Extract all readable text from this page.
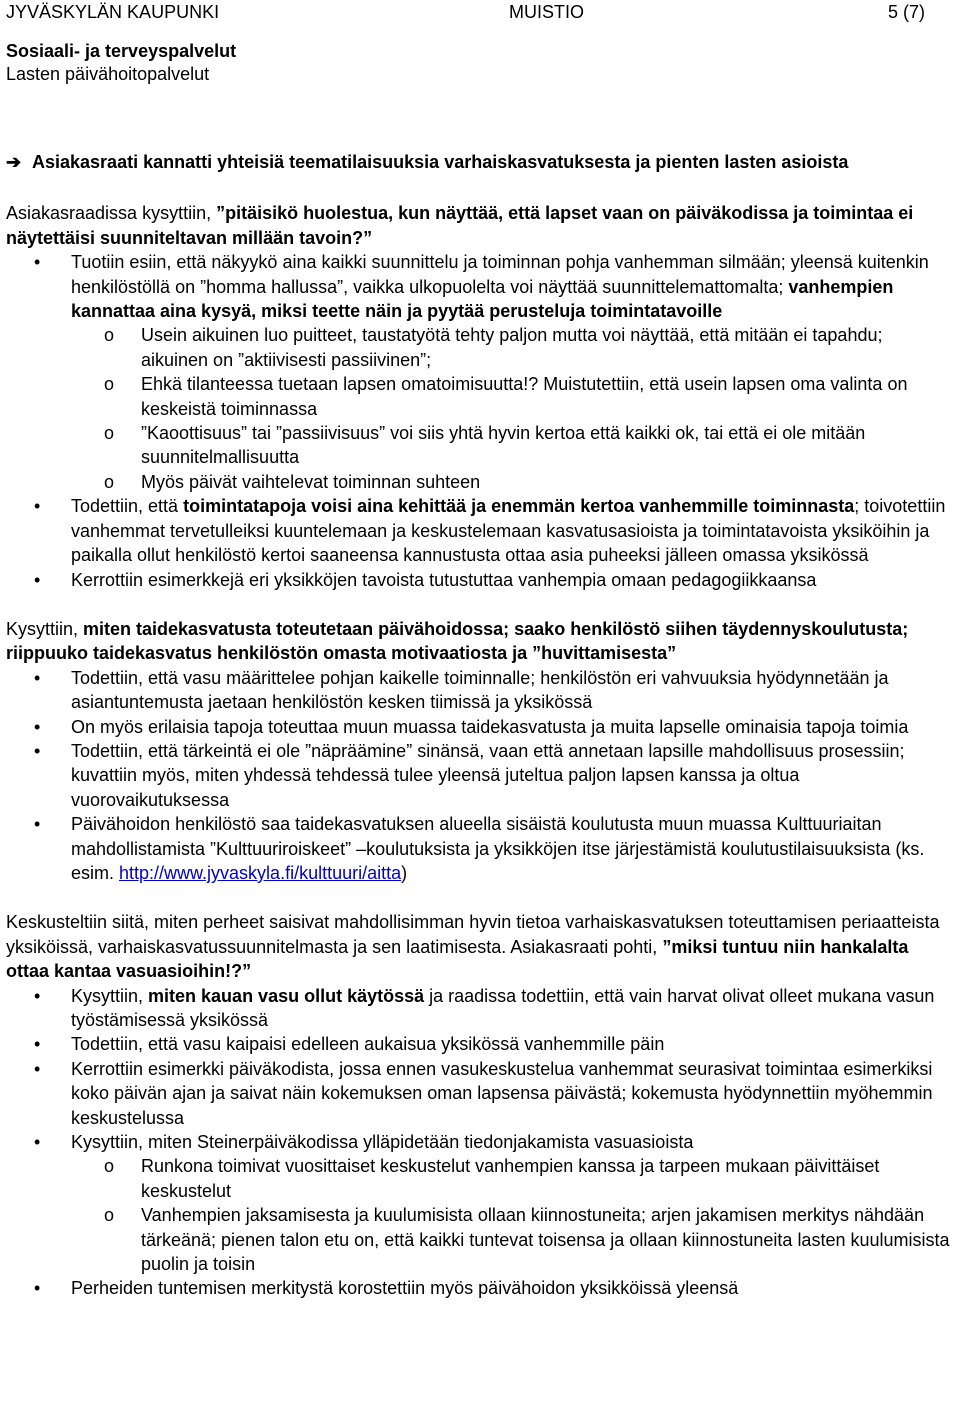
JYVÄSKYLÄN KAUPUNKI	MUISTIO	5 (7)
Sosiaali- ja terveyspalvelut
Lasten päivähoitopalvelut

➔ Asiakasraati kannatti yhteisiä teematilaisuuksia varhaiskasvatuksesta ja pienten lasten asioista

Asiakasraadissa kysyttiin, ”pitäisikö huolestua, kun näyttää, että lapset vaan on päiväkodissa ja toimintaa ei näytettäisi suunniteltavan millään tavoin?”

•	Tuotiin esiin, että näkyykö aina kaikki suunnittelu ja toiminnan pohja vanhemman silmään; yleensä kuitenkin henkilöstöllä on ”homma hallussa”, vaikka ulkopuolelta voi näyttää suunnittelemattomalta; vanhempien kannattaa aina kysyä, miksi teette näin ja pyytää perusteluja toimintatavoille
o Usein aikuinen luo puitteet, taustatyötä tehty paljon mutta voi näyttää, että mitään ei tapahdu; aikuinen on ”aktiivisesti passiivinen”;
o Ehkä tilanteessa tuetaan lapsen omatoimisuutta!? Muistutettiin, että usein lapsen oma valinta on keskeistä toiminnassa
o ”Kaoottisuus” tai ”passiivisuus” voi siis yhtä hyvin kertoa että kaikki ok, tai että ei ole mitään suunnitelmallisuutta
o Myös päivät vaihtelevat toiminnan suhteen
•	Todettiin, että toimintatapoja voisi aina kehittää ja enemmän kertoa vanhemmille toiminnasta; toivotettiin vanhemmat tervetulleiksi kuuntelemaan ja keskustelemaan kasvatusasioista ja toimintatavoista yksiköihin ja paikalla ollut henkilöstö kertoi saaneensa kannustusta ottaa asia puheeksi jälleen omassa yksikössä
•	Kerrottiin esimerkkejä eri yksikköjen tavoista tutustuttaa vanhempia omaan pedagogiikkaansa

Kysyttiin, miten taidekasvatusta toteutetaan päivähoidossa; saako henkilöstö siihen täydennyskoulutusta; riippuuko taidekasvatus henkilöstön omasta motivaatiosta ja ”huvittamisesta”

•	Todettiin, että vasu määrittelee pohjan kaikelle toiminnalle; henkilöstön eri vahvuuksia hyödynnetään ja asiantuntemusta jaetaan henkilöstön kesken tiimissä ja yksikössä
•	On myös erilaisia tapoja toteuttaa muun muassa taidekasvatusta ja muita lapselle ominaisia tapoja toimia
•	Todettiin, että tärkeintä ei ole ”näpräämine” sinänsä, vaan että annetaan lapsille mahdollisuus prosessiin; kuvattiin myös, miten yhdessä tehdessä tulee yleensä juteltua paljon lapsen kanssa ja oltua vuorovaikutuksessa
•	Päivähoidon henkilöstö saa taidekasvatuksen alueella sisäistä koulutusta muun muassa Kulttuuriaitan mahdollistamista ”Kulttuuriroiskeet” –koulutuksista ja yksikköjen itse järjestämistä koulutustilaisuuksista (ks. esim. http://www.jyvaskyla.fi/kulttuuri/aitta)

Keskusteltiin siitä, miten perheet saisivat mahdollisimman hyvin tietoa varhaiskasvatuksen toteuttamisen periaatteista yksiköissä, varhaiskasvatussuunnitelmasta ja sen laatimisesta. Asiakasraati pohti, ”miksi tuntuu niin hankalalta ottaa kantaa vasuasioihin!?”

•	Kysyttiin, miten kauan vasu ollut käytössä ja raadissa todettiin, että vain harvat olivat olleet mukana vasun työstämisessä yksikössä
•	Todettiin, että vasu kaipaisi edelleen aukaisua yksikössä vanhemmille päin
•	Kerrottiin esimerkki päiväkodista, jossa ennen vasukeskustelua vanhemmat seurasivat toimintaa esimerkiksi koko päivän ajan ja saivat näin kokemuksen oman lapsensa päivästä; kokemusta hyödynnettiin myöhemmin keskustelussa
•	Kysyttiin, miten Steinerpäiväkodissa ylläpidetään tiedonjakamista vasuasioista
o Runkona toimivat vuosittaiset keskustelut vanhempien kanssa ja tarpeen mukaan päivittäiset keskustelut
o Vanhempien jaksamisesta ja kuulumisista ollaan kiinnostuneita; arjen jakamisen merkitys nähdään tärkeänä; pienen talon etu on, että kaikki tuntevat toisensa ja ollaan kiinnostuneita lasten kuulumisista puolin ja toisin
•	Perheiden tuntemisen merkitystä korostettiin myös päivähoidon yksikköissä yleensä
